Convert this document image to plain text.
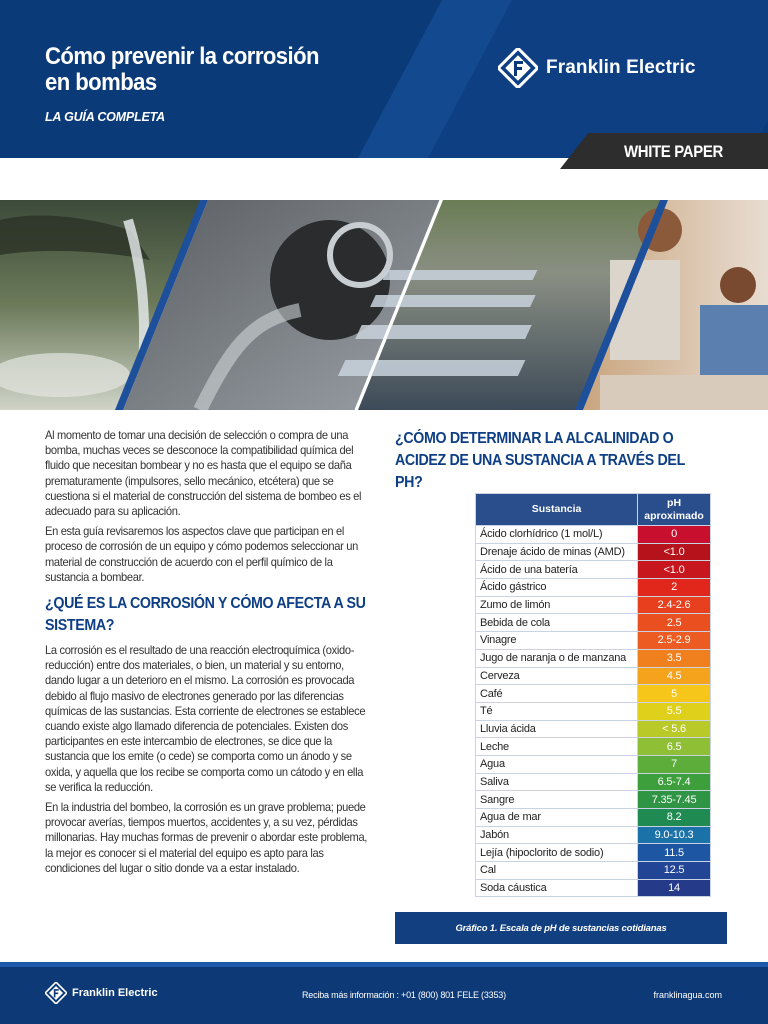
Cómo prevenir la corrosión
en bombas
LA GUÍA COMPLETA
Franklin Electric
WHITE PAPER

Al momento de tomar una decisión de selección o compra de una bomba, muchas veces se desconoce la compatibilidad química del fluido que necesitan bombear y no es hasta que el equipo se daña prematuramente (impulsores, sello mecánico, etcétera) que se cuestiona si el material de construcción del sistema de bombeo es el adecuado para su aplicación.

En esta guía revisaremos los aspectos clave que participan en el proceso de corrosión de un equipo y cómo podemos seleccionar un material de construcción de acuerdo con el perfil químico de la sustancia a bombear.

¿QUÉ ES LA CORROSIÓN Y CÓMO AFECTA A SU SISTEMA?

La corrosión es el resultado de una reacción electroquímica (oxido-reducción) entre dos materiales, o bien, un material y su entorno, dando lugar a un deterioro en el mismo. La corrosión es provocada debido al flujo masivo de electrones generado por las diferencias químicas de las sustancias. Esta corriente de electrones se establece cuando existe algo llamado diferencia de potenciales. Existen dos participantes en este intercambio de electrones, se dice que la sustancia que los emite (o cede) se comporta como un ánodo y se oxida, y aquella que los recibe se comporta como un cátodo y en ella se verifica la reducción.

En la industria del bombeo, la corrosión es un grave problema; puede provocar averías, tiempos muertos, accidentes y, a su vez, pérdidas millonarias. Hay muchas formas de prevenir o abordar este problema, la mejor es conocer si el material del equipo es apto para las condiciones del lugar o sitio donde va a estar instalado.

¿CÓMO DETERMINAR LA ALCALINIDAD O ACIDEZ DE UNA SUSTANCIA A TRAVÉS DEL PH?
Sustancia	pH aproximado
Ácido clorhídrico (1 mol/L)	0
Drenaje ácido de minas (AMD)	<1.0
Ácido de una batería	<1.0
Ácido gástrico	2
Zumo de limón	2.4-2.6
Bebida de cola	2.5
Vinagre	2.5-2.9
Jugo de naranja o de manzana	3.5
Cerveza	4.5
Café	5
Té	5.5
Lluvia ácida	< 5.6
Leche	6.5
Agua	7
Saliva	6.5-7.4
Sangre	7.35-7.45
Agua de mar	8.2
Jabón	9.0-10.3
Lejía (hipoclorito de sodio)	11.5
Cal	12.5
Soda cáustica	14
Gráfico 1. Escala de pH de sustancias cotidianas
Franklin Electric	Reciba más información : +01 (800) 801 FELE (3353)	franklinagua.com
